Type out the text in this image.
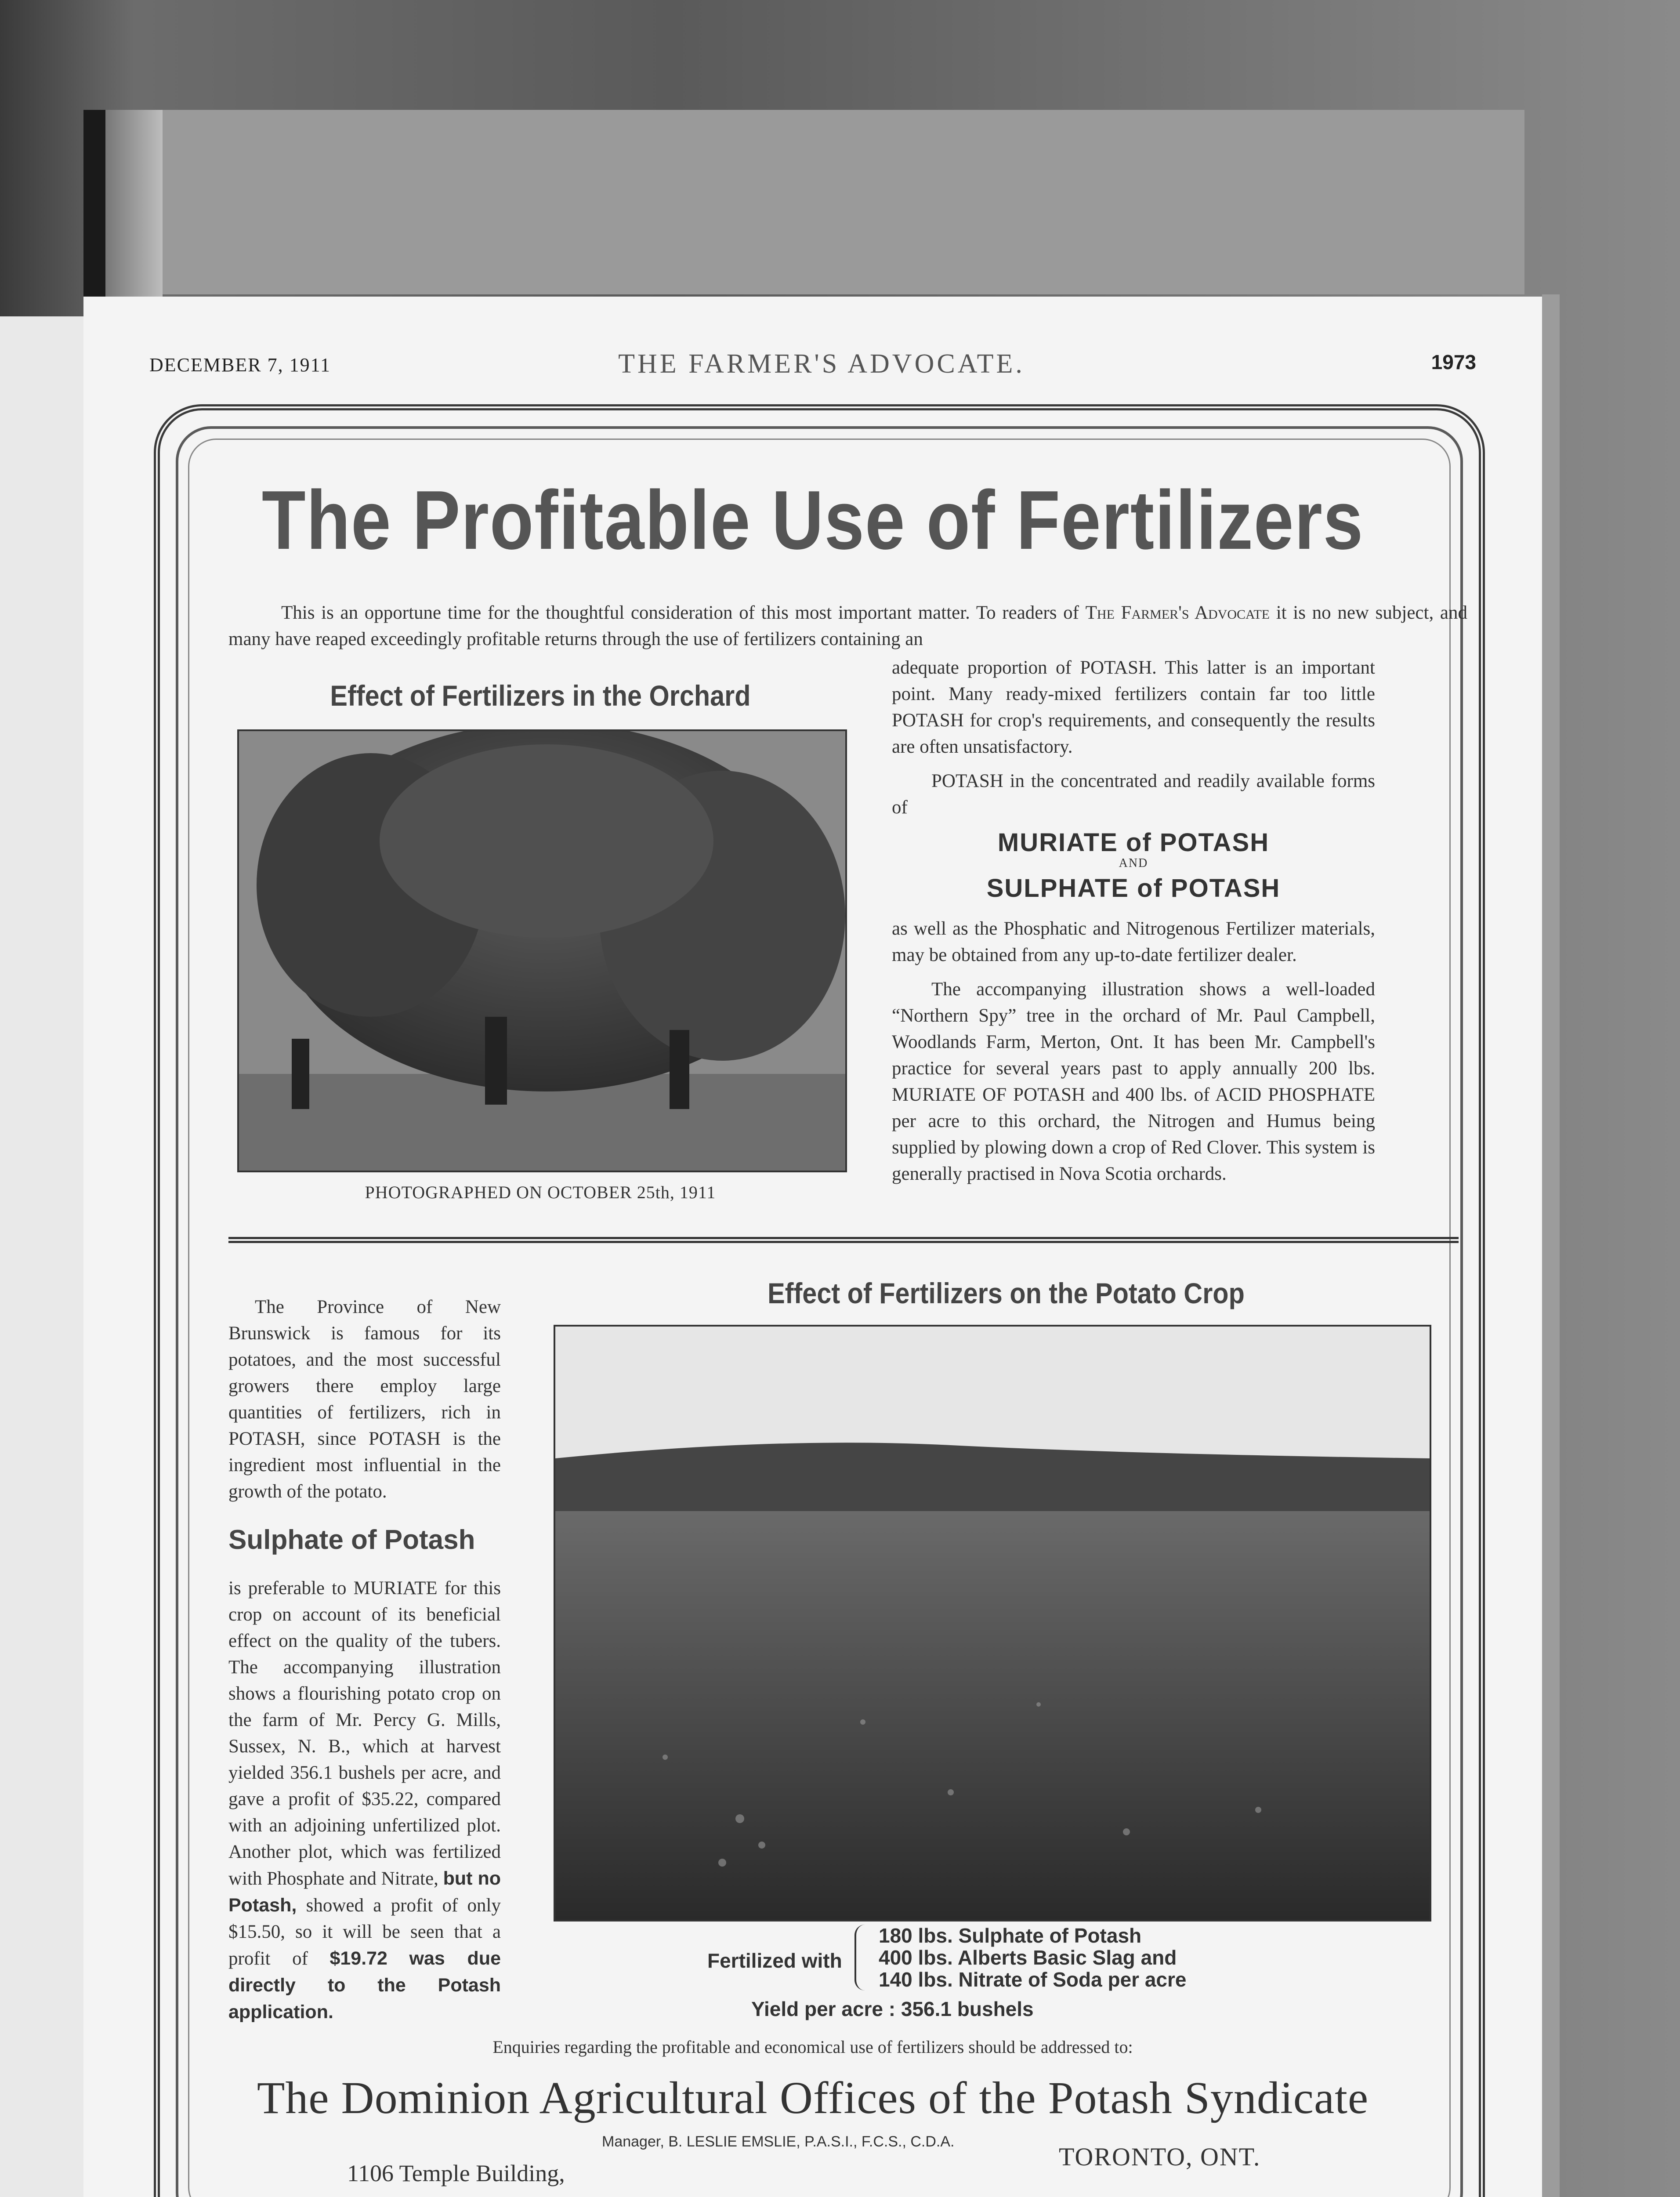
DECEMBER 7, 1911	THE FARMER'S ADVOCATE.	1973
The Profitable Use of Fertilizers
This is an opportune time for the thoughtful consideration of this most important matter. To readers of The Farmer's Advocate it is no new subject, and many have reaped exceedingly profitable returns through the use of fertilizers containing an
Effect of Fertilizers in the Orchard
PHOTOGRAPHED ON OCTOBER 25th, 1911

adequate proportion of POTASH. This latter is an important point. Many ready-mixed fertilizers contain far too little POTASH for crop's requirements, and consequently the results are often unsatisfactory.

POTASH in the concentrated and readily available forms of

MURIATE of POTASH
AND
SULPHATE of POTASH

as well as the Phosphatic and Nitrogenous Fertilizer materials, may be obtained from any up-to-date fertilizer dealer.

The accompanying illustration shows a well-loaded “Northern Spy” tree in the orchard of Mr. Paul Campbell, Woodlands Farm, Merton, Ont. It has been Mr. Campbell's practice for several years past to apply annually 200 lbs. MURIATE OF POTASH and 400 lbs. of ACID PHOSPHATE per acre to this orchard, the Nitrogen and Humus being supplied by plowing down a crop of Red Clover. This system is generally practised in Nova Scotia orchards.

The Province of New Brunswick is famous for its potatoes, and the most successful growers there employ large quantities of fertilizers, rich in POTASH, since POTASH is the ingredient most influential in the growth of the potato.

Sulphate of Potash

is preferable to MURIATE for this crop on account of its beneficial effect on the quality of the tubers. The accompanying illustration shows a flourishing potato crop on the farm of Mr. Percy G. Mills, Sussex, N. B., which at harvest yielded 356.1 bushels per acre, and gave a profit of $35.22, compared with an adjoining unfertilized plot. Another plot, which was fertilized with Phosphate and Nitrate, but no Potash, showed a profit of only $15.50, so it will be seen that a profit of $19.72 was due directly to the Potash application.

Effect of Fertilizers on the Potato Crop
Fertilized with
180 lbs. Sulphate of Potash
400 lbs. Alberts Basic Slag and
140 lbs. Nitrate of Soda per acre
Yield per acre : 356.1 bushels
Enquiries regarding the profitable and economical use of fertilizers should be addressed to:
The Dominion Agricultural Offices of the Potash Syndicate
Manager, B. LESLIE EMSLIE, P.A.S.I., F.C.S., C.D.A.
1106 Temple Building,
TORONTO, ONT.
